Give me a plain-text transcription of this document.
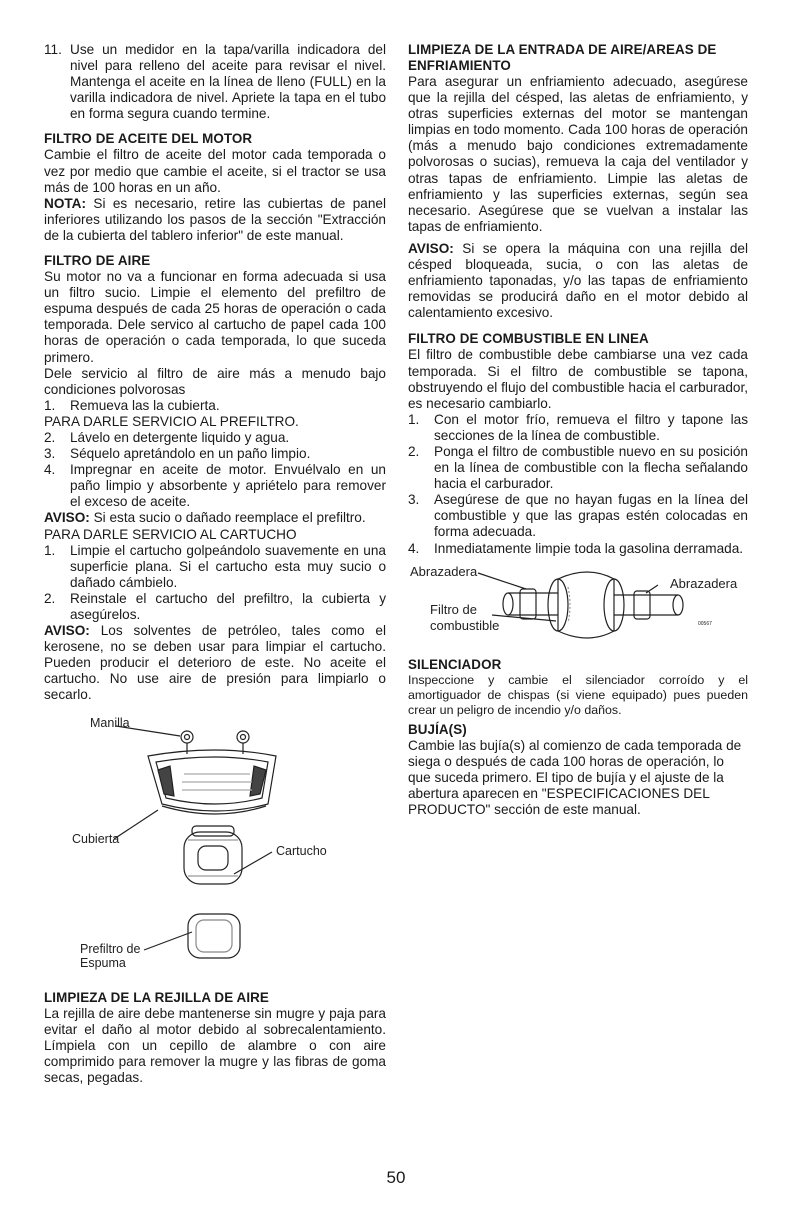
11. Use un medidor en la tapa/varilla indicadora del nivel para relleno del aceite para revisar el nivel. Mantenga el aceite en la línea de lleno (FULL) en la varilla indicadora de nivel. Apriete la tapa en el tubo en forma segura cuando termine.
FILTRO DE ACEITE DEL MOTOR

Cambie el filtro de aceite del motor cada temporada o vez por medio que cambie el aceite, si el tractor se usa más de 100 horas en un año.

NOTA: Si es necesario, retire las cubiertas de panel inferiores utilizando los pasos de la sección "Extracción de la cubierta del tablero inferior" de este manual.

FILTRO DE AIRE

Su motor no va a funcionar en forma adecuada si usa un filtro sucio. Limpie el elemento del prefiltro de espuma después de cada 25 horas de operación o cada temporada. Dele servico al cartucho de papel cada 100 horas de operación o cada temporada, lo que suceda primero.

Dele servicio al filtro de aire más a menudo bajo condiciones polvorosas

1.	Remueva las la cubierta.

PARA DARLE SERVICIO AL PREFILTRO.

2.	Lávelo en detergente liquido y agua.
3.	Séquelo apretándolo en un paño limpio.
4.	Impregnar en aceite de motor. Envuélvalo en un paño limpio y absorbente y apriételo para remover el exceso de aceite.

AVISO: Si esta sucio o dañado reemplace el prefiltro.

PARA DARLE SERVICIO AL CARTUCHO

1.	Limpie el cartucho golpeándolo suavemente en una superficie plana. Si el cartucho esta muy sucio o dañado cámbielo.
2.	Reinstale el cartucho del prefiltro, la cubierta y asegúrelos.

AVISO: Los solventes de petróleo, tales como el kerosene, no se deben usar para limpiar el cartucho. Pueden producir el deterioro de este. No aceite el cartucho. No use aire de presión para limpiarlo o secarlo.

Manilla
Cubierta
Cartucho
Prefiltro de
Espuma
LIMPIEZA DE LA REJILLA DE AIRE

La rejilla de aire debe mantenerse sin mugre y paja para evitar el daño al motor debido al sobrecalentamiento. Límpiela con un cepillo de alambre o con aire comprimido para remover la mugre y las fibras de goma secas, pegadas.

LIMPIEZA DE LA ENTRADA DE AIRE/AREAS DE ENFRIAMIENTO

Para asegurar un enfriamiento adecuado, asegúrese que la rejilla del césped, las aletas de enfriamiento, y otras superficies externas del motor se mantengan limpias en todo momento. Cada 100 horas de operación (más a menudo bajo condiciones extremadamente polvorosas o sucias), remueva la caja del ventilador y otras tapas de enfriamiento. Limpie las aletas de enfriamiento y las superficies externas, según sea necesario. Asegúrese que se vuelvan a instalar las tapas de enfriamiento.

AVISO: Si se opera la máquina con una rejilla del césped bloqueada, sucia, o con las aletas de enfriamiento taponadas, y/o las tapas de enfriamiento removidas se producirá daño en el motor debido al calentamiento excesivo.

FILTRO DE COMBUSTIBLE EN LINEA

El filtro de combustible debe cambiarse una vez cada temporada. Si el filtro de combustible se tapona, obstruyendo el flujo del combustible hacia el carburador, es necesario cambiarlo.

1.	Con el motor frío, remueva el filtro y tapone las secciones de la línea de combustible.
2.	Ponga el filtro de combustible nuevo en su posición en la línea de combustible con la flecha señalando hacia el carburador.
3.	Asegúrese de que no hayan fugas en la línea del combustible y que las grapas estén colocadas en forma adecuada.
4.	Inmediatamente limpie toda la gasolina derramada.
Abrazadera
Abrazadera
Filtro de
combustible	00567
SILENCIADOR

Inspeccione y cambie el silenciador corroído y el amortiguador de chispas (si viene equipado) pues pueden crear un peligro de incendio y/o daños.

BUJÍA(S)

Cambie las bujía(s) al comienzo de cada temporada de siega o después de cada 100 horas de operación, lo que suceda primero. El tipo de bujía y el ajuste de la abertura aparecen en "ESPECIFICACIONES DEL PRODUCTO" sección de este manual.

50
